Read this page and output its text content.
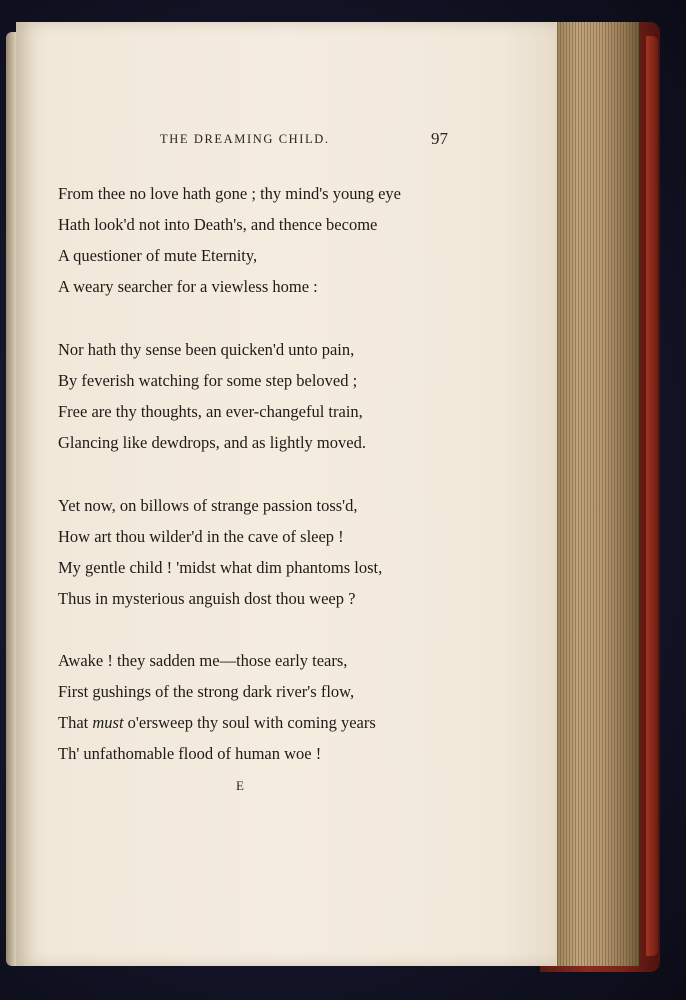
THE DREAMING CHILD.	97
From thee no love hath gone ; thy mind's young eye
Hath look'd not into Death's, and thence become
A questioner of mute Eternity,
A weary searcher for a viewless home :
Nor hath thy sense been quicken'd unto pain,
By feverish watching for some step beloved ;
Free are thy thoughts, an ever-changeful train,
Glancing like dewdrops, and as lightly moved.
Yet now, on billows of strange passion toss'd,
How art thou wilder'd in the cave of sleep !
My gentle child ! 'midst what dim phantoms lost,
Thus in mysterious anguish dost thou weep ?
Awake ! they sadden me—those early tears,
First gushings of the strong dark river's flow,
That must o'ersweep thy soul with coming years
Th' unfathomable flood of human woe !
E
